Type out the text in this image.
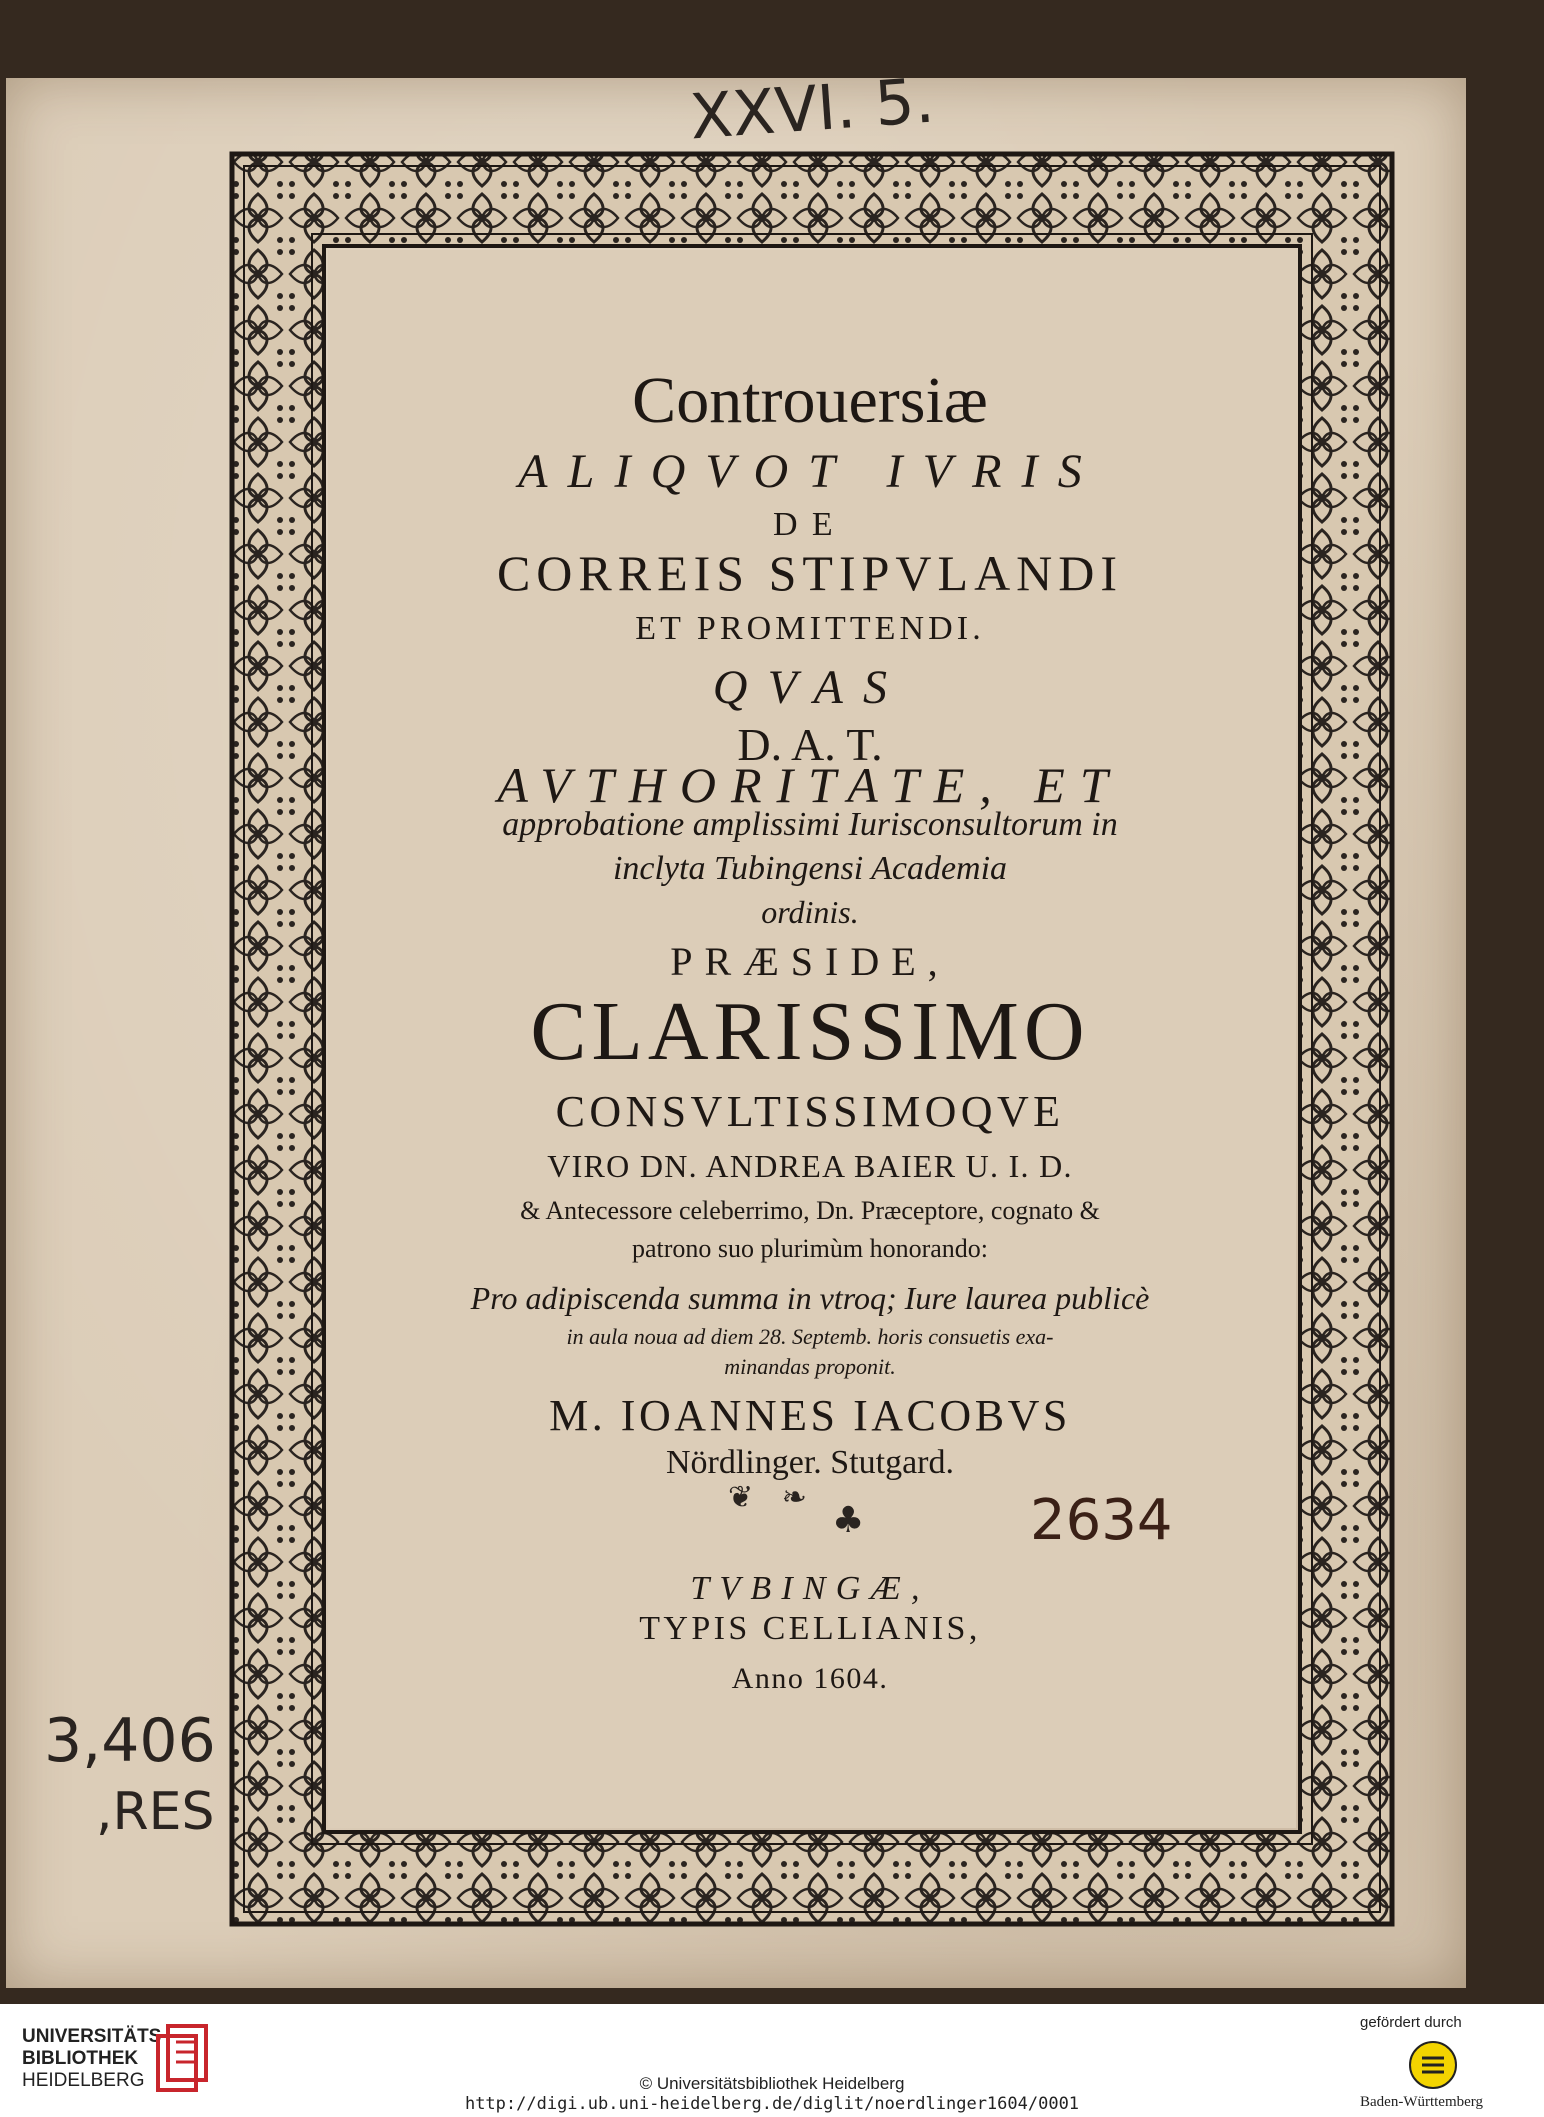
Controuersiæ
ALIQVOT IVRIS
DE
CORREIS STIPVLANDI
ET PROMITTENDI.
QVAS
D. A. T.
AVTHORITATE, ET
approbatione amplissimi Iurisconsultorum in
inclyta Tubingensi Academia
ordinis.
PRÆSIDE,
CLARISSIMO
CONSVLTISSIMOQVE
VIRO DN. ANDREA BAIER U. I. D.
& Antecessore celeberrimo, Dn. Præceptore, cognato &
patrono suo plurimùm honorando:
Pro adipiscenda summa in vtroq; Iure laurea publicè
in aula noua ad diem 28. Septemb. horis consuetis exa-
minandas proponit.
M. IOANNES IACOBVS
Nördlinger. Stutgard.
❦   ❧
♣
TVBINGÆ,
TYPIS CELLIANIS,
Anno 1604.
XXVI. 5.
2634
3,406
,RES
UNIVERSITÄTS-
BIBLIOTHEK
HEIDELBERG	© Universitätsbibliothek Heidelberg
http://digi.ub.uni-heidelberg.de/diglit/noerdlinger1604/0001
gefördert durch
Baden-Württemberg
